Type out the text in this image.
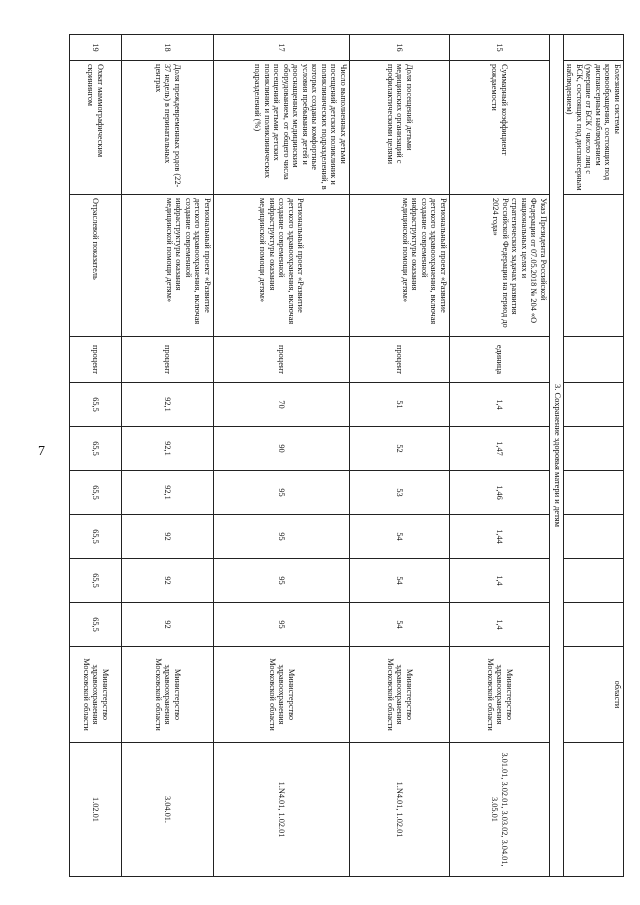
7
	Болезнями системы кровообращения, состоящих под диспансерным наблюдением (умершие от БСК / число лиц с БСК, состоящих под диспансерным наблюдением)									области	
3. Сохранение здоровья матери и детям											
15	Суммарный коэффициент рождаемости	Указ Президента Российской Федерации от 07.05.2018 № 204 «О национальных целях и стратегических задачах развития Российской Федерации на период до 2024 года»	единица	1,4	1,47	1,46	1,44	1,4	1,4	Министерство здравоохранения Московской области	3.01.01, 3.02.01, 3.03.02, 3.04.01, 3.05.01
16	Доля посещений детьми медицинских организаций с профилактическими целями	Региональный проект «Развитие детского здравоохранения, включая создание современной инфраструктуры оказания медицинской помощи детям»	процент	51	52	53	54	54	54	Министерство здравоохранения Московской области	1.N4.01, 1.02.01
17	Число выполненных детьми посещений детских поликлиник и поликлинических подразделений, в которых созданы комфортные условия пребывания детей и дооснащенных медицинским оборудованием, от общего числа посещений детьми детских поликлиник и поликлинических подразделений (%)	Региональный проект «Развитие детского здравоохранения, включая создание современной инфраструктуры оказания медицинской помощи детям»	процент	70	90	95	95	95	95	Министерство здравоохранения Московской области	1.N4.01, 1.02.01
18	Доля преждевременных родов (22-37 недель) в перинатальных центрах	Региональный проект «Развитие детского здравоохранения, включая создание современной инфраструктуры оказания медицинской помощи детям»	процент	92,1	92,1	92,1	92	92	92	Министерство здравоохранения Московской области	3.04.01.
19	Охват маммографическим скринингом	Отраслевой показатель	процент	65,5	65,5	65,5	65,5	65,5	65,5	Министерство здравоохранения Московской области	1.02.01
